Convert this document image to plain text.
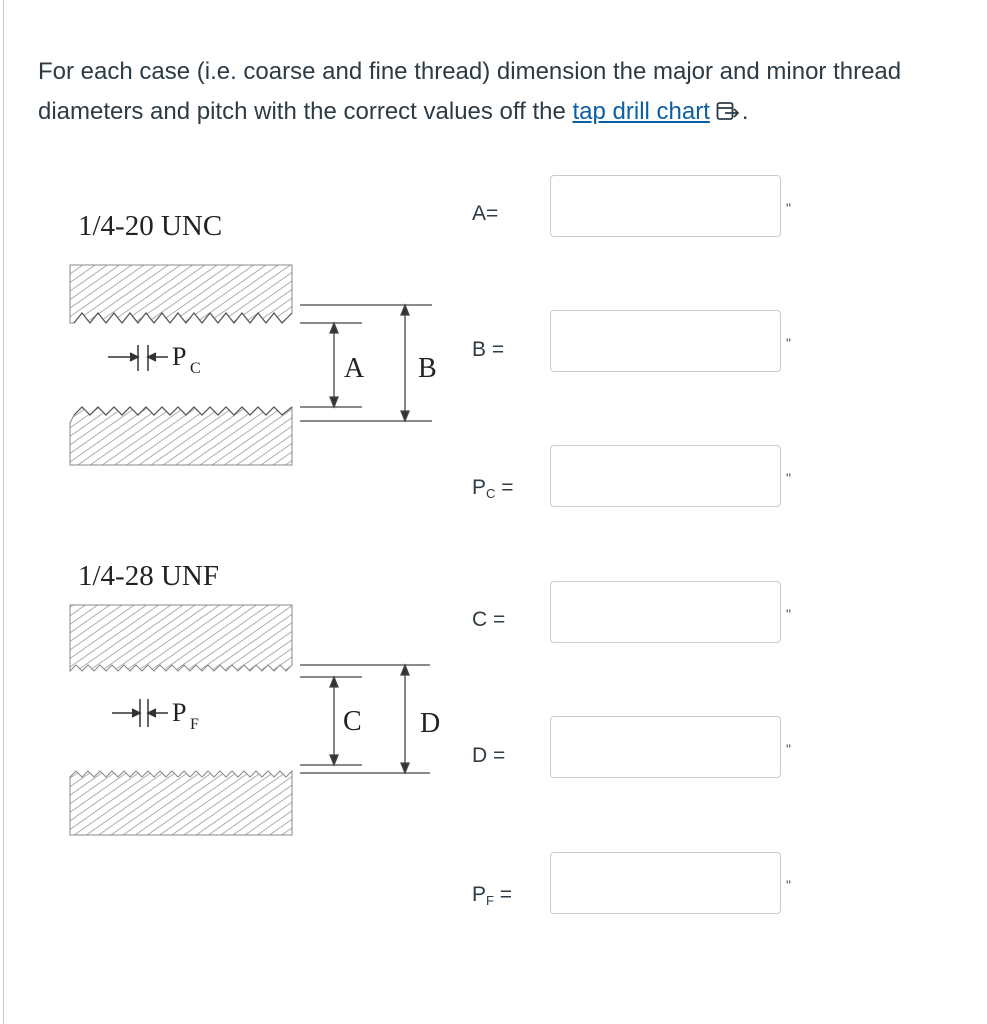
For each case (i.e. coarse and fine thread) dimension the major and minor thread diameters and pitch with the correct values off the tap drill chart .
1/4-20 UNC
P C	A B
1/4-28 UNF
P F	C D
A=	"
B =	"
$P_C$ =	"
C =	"
D =	"
$P_F$ =	"
